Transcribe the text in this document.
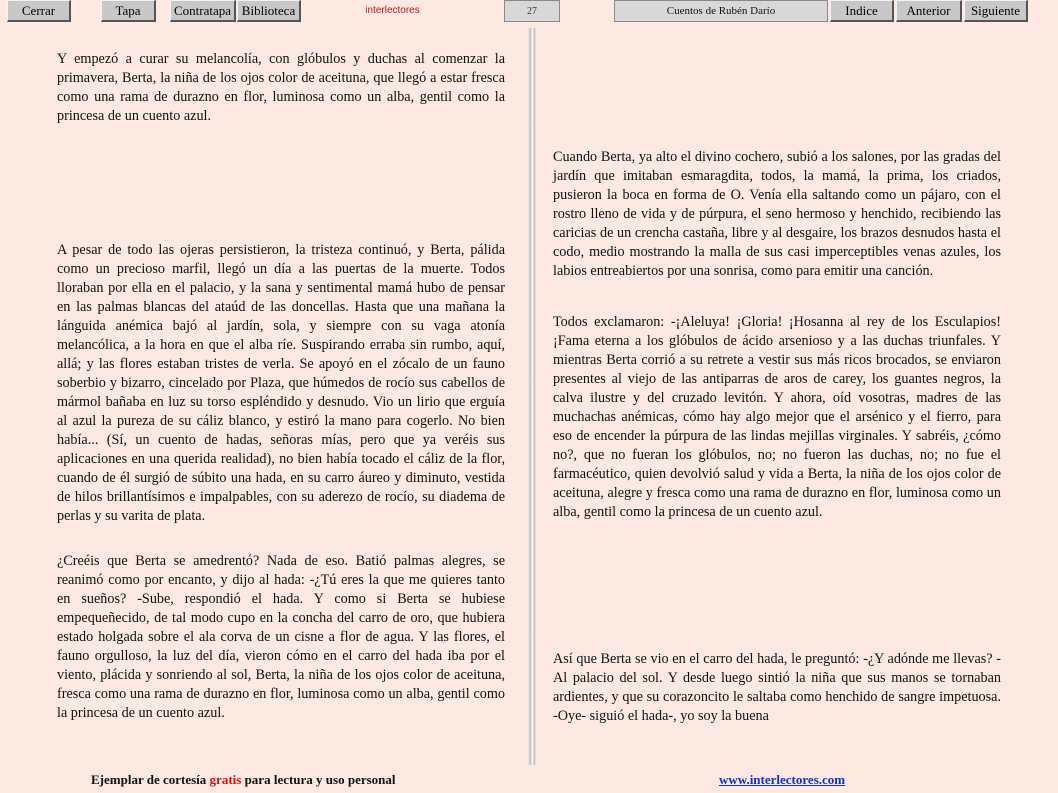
Cerrar	Tapa	Contratapa Biblioteca	interlectores	27	Cuentos de Rubén Darío	Indice	Anterior	Siguiente

Y empezó a curar su melancolía, con glóbulos y duchas al comenzar la primavera, Berta, la niña de los ojos color de aceituna, que llegó a estar fresca como una rama de durazno en flor, luminosa como un alba, gentil como la princesa de un cuento azul.

A pesar de todo las ojeras persistieron, la tristeza continuó, y Berta, pálida como un precioso marfil, llegó un día a las puertas de la muerte. Todos lloraban por ella en el palacio, y la sana y sentimental mamá hubo de pensar en las palmas blancas del ataúd de las doncellas. Hasta que una mañana la lánguida anémica bajó al jardín, sola, y siempre con su vaga atonía melancólica, a la hora en que el alba ríe. Suspirando erraba sin rumbo, aquí, allá; y las flores estaban tristes de verla. Se apoyó en el zócalo de un fauno soberbio y bizarro, cincelado por Plaza, que húmedos de rocío sus cabellos de mármol bañaba en luz su torso espléndido y desnudo. Vio un lirio que erguía al azul la pureza de su cáliz blanco, y estiró la mano para cogerlo. No bien había... (Sí, un cuento de hadas, señoras mías, pero que ya veréis sus aplicaciones en una querida realidad), no bien había tocado el cáliz de la flor, cuando de él surgió de súbito una hada, en su carro áureo y diminuto, vestida de hilos brillantísimos e impalpables, con su aderezo de rocío, su diadema de perlas y su varita de plata.

¿Creéis que Berta se amedrentó? Nada de eso. Batió palmas alegres, se reanimó como por encanto, y dijo al hada: -¿Tú eres la que me quieres tanto en sueños? -Sube, respondió el hada. Y como si Berta se hubiese empequeñecido, de tal modo cupo en la concha del carro de oro, que hubiera estado holgada sobre el ala corva de un cisne a flor de agua. Y las flores, el fauno orgulloso, la luz del día, vieron cómo en el carro del hada iba por el viento, plácida y sonriendo al sol, Berta, la niña de los ojos color de aceituna, fresca como una rama de durazno en flor, luminosa como un alba, gentil como la princesa de un cuento azul.

Cuando Berta, ya alto el divino cochero, subió a los salones, por las gradas del jardín que imitaban esmaragdita, todos, la mamá, la prima, los criados, pusieron la boca en forma de O. Venía ella saltando como un pájaro, con el rostro lleno de vida y de púrpura, el seno hermoso y henchido, recibiendo las caricias de un crencha castaña, libre y al desgaire, los brazos desnudos hasta el codo, medio mostrando la malla de sus casi imperceptibles venas azules, los labios entreabiertos por una sonrisa, como para emitir una canción.

Todos exclamaron: -¡Aleluya! ¡Gloria! ¡Hosanna al rey de los Esculapios! ¡Fama eterna a los glóbulos de ácido arsenioso y a las duchas triunfales. Y mientras Berta corrió a su retrete a vestir sus más ricos brocados, se enviaron presentes al viejo de las antiparras de aros de carey, los guantes negros, la calva ilustre y del cruzado levitón. Y ahora, oíd vosotras, madres de las muchachas anémicas, cómo hay algo mejor que el arsénico y el fierro, para eso de encender la púrpura de las lindas mejillas virginales. Y sabréis, ¿cómo no?, que no fueran los glóbulos, no; no fueron las duchas, no; no fue el farmacéutico, quien devolvió salud y vida a Berta, la niña de los ojos color de aceituna, alegre y fresca como una rama de durazno en flor, luminosa como un alba, gentil como la princesa de un cuento azul.

Así que Berta se vio en el carro del hada, le preguntó: -¿Y adónde me llevas? -Al palacio del sol. Y desde luego sintió la niña que sus manos se tornaban ardientes, y que su corazoncito le saltaba como henchido de sangre impetuosa. -Oye- siguió el hada-, yo soy la buena

Ejemplar de cortesía gratis para lectura y uso personal	www.interlectores.com
